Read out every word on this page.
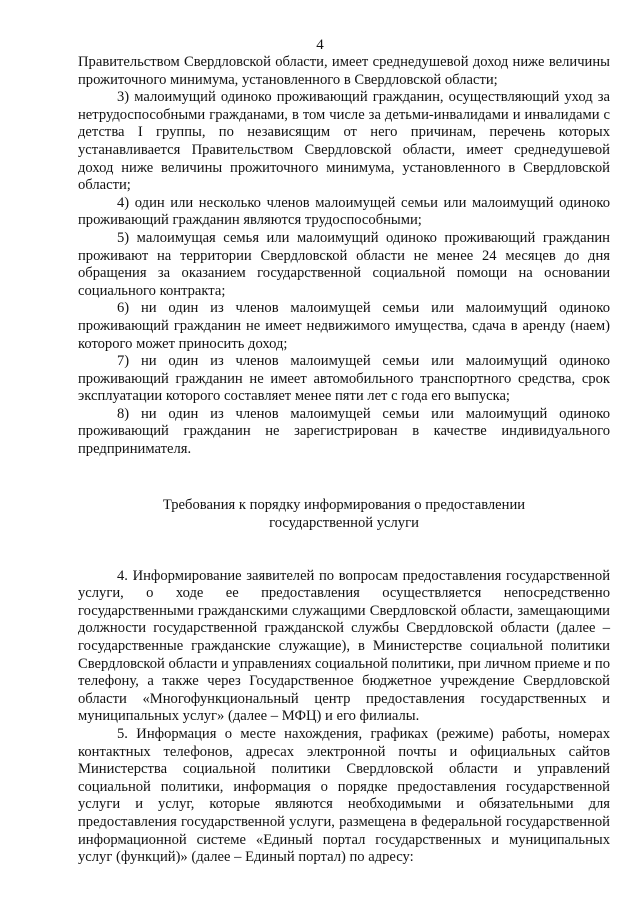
4

Правительством Свердловской области, имеет среднедушевой доход ниже величины прожиточного минимума, установленного в Свердловской области;

3) малоимущий одиноко проживающий гражданин, осуществляющий уход за нетрудоспособными гражданами, в том числе за детьми-инвалидами и инвалидами с детства I группы, по независящим от него причинам, перечень которых устанавливается Правительством Свердловской области, имеет среднедушевой доход ниже величины прожиточного минимума, установленного в Свердловской области;

4) один или несколько членов малоимущей семьи или малоимущий одиноко проживающий гражданин являются трудоспособными;

5) малоимущая семья или малоимущий одиноко проживающий гражданин проживают на территории Свердловской области не менее 24 месяцев до дня обращения за оказанием государственной социальной помощи на основании социального контракта;

6) ни один из членов малоимущей семьи или малоимущий одиноко проживающий гражданин не имеет недвижимого имущества, сдача в аренду (наем) которого может приносить доход;

7) ни один из членов малоимущей семьи или малоимущий одиноко проживающий гражданин не имеет автомобильного транспортного средства, срок эксплуатации которого составляет менее пяти лет с года его выпуска;

8) ни один из членов малоимущей семьи или малоимущий одиноко проживающий гражданин не зарегистрирован в качестве индивидуального предпринимателя.

Требования к порядку информирования о предоставлении
государственной услуги

4. Информирование заявителей по вопросам предоставления государственной услуги, о ходе ее предоставления осуществляется непосредственно государственными гражданскими служащими Свердловской области, замещающими должности государственной гражданской службы Свердловской области (далее – государственные гражданские служащие), в Министерстве социальной политики Свердловской области и управлениях социальной политики, при личном приеме и по телефону, а также через Государственное бюджетное учреждение Свердловской области «Многофункциональный центр предоставления государственных и муниципальных услуг» (далее – МФЦ) и его филиалы.

5. Информация о месте нахождения, графиках (режиме) работы, номерах контактных телефонов, адресах электронной почты и официальных сайтов Министерства социальной политики Свердловской области и управлений социальной политики, информация о порядке предоставления государственной услуги и услуг, которые являются необходимыми и обязательными для предоставления государственной услуги, размещена в федеральной государственной информационной системе «Единый портал государственных и муниципальных услуг (функций)» (далее – Единый портал) по адресу:
